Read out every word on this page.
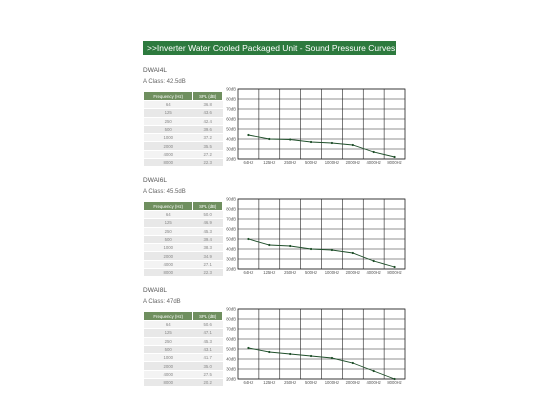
>>Inverter Water Cooled Packaged Unit - Sound Pressure Curves
DWAI4L
A Class: 42.5dB
Frequency (Hz)	SPL (dB)
64	36.8
125	43.6
250	42.4
500	39.6
1000	37.2
2000	35.5
4000	27.2
8000	22.3
90dB
80dB
70dB
60dB
50dB
40dB
30dB
20dB
64Hz 125Hz 250Hz 500Hz 1000Hz 2000Hz 4000Hz 8000Hz
DWAI6L
A Class: 45.5dB
Frequency (Hz)	SPL (dB)
64	50.0
125	46.9
250	45.3
500	39.4
1000	38.3
2000	34.9
4000	27.1
8000	22.3
90dB
80dB
70dB
60dB
50dB
40dB
30dB
20dB
64Hz 125Hz 250Hz 500Hz 1000Hz 2000Hz 4000Hz 8000Hz
DWAI8L
A Class: 47dB
Frequency (Hz)	SPL (dB)
64	50.6
125	47.1
250	45.3
500	43.1
1000	41.7
2000	35.0
4000	27.5
8000	20.2
90dB
80dB
70dB
60dB
50dB
40dB
30dB
20dB
64Hz 125Hz 250Hz 500Hz 1000Hz 2000Hz 4000Hz 8000Hz
